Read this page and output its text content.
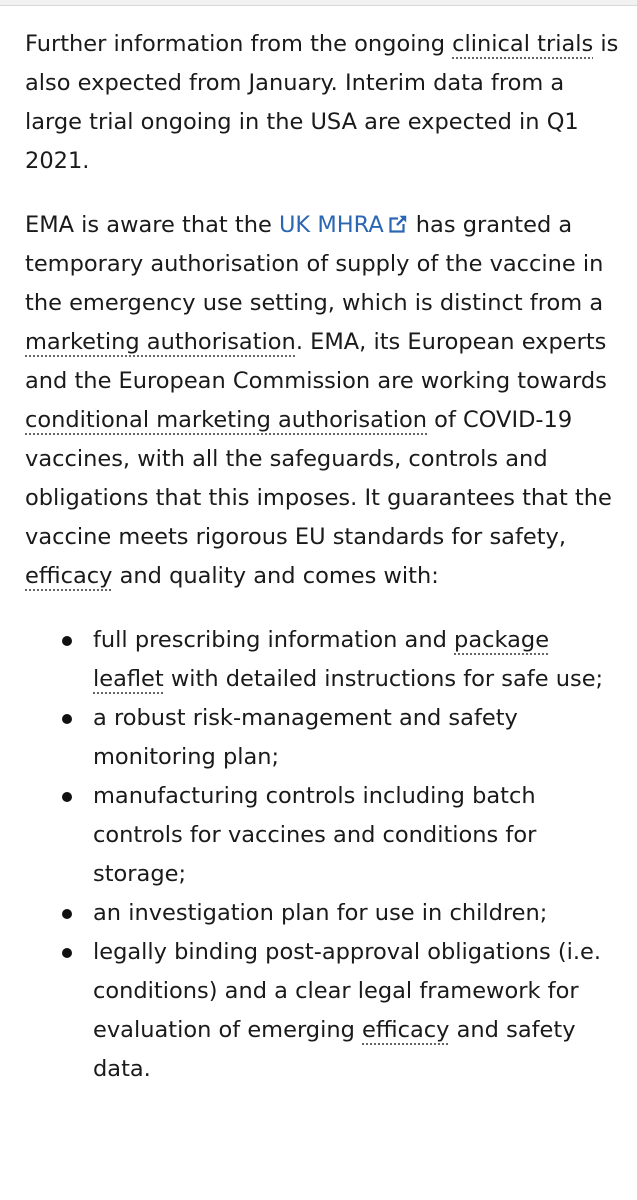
Further information from the ongoing clinical trials is also expected from January. Interim data from a large trial ongoing in the USA are expected in Q1 2021.

EMA is aware that the UK MHRA has granted a temporary authorisation of supply of the vaccine in the emergency use setting, which is distinct from a marketing authorisation. EMA, its European experts and the European Commission are working towards conditional marketing authorisation of COVID-19 vaccines, with all the safeguards, controls and obligations that this imposes. It guarantees that the vaccine meets rigorous EU standards for safety, efficacy and quality and comes with:

full prescribing information and package leaflet with detailed instructions for safe use;
a robust risk-management and safety monitoring plan;
manufacturing controls including batch controls for vaccines and conditions for storage;
an investigation plan for use in children;
legally binding post-approval obligations (i.e. conditions) and a clear legal framework for evaluation of emerging efficacy and safety data.
